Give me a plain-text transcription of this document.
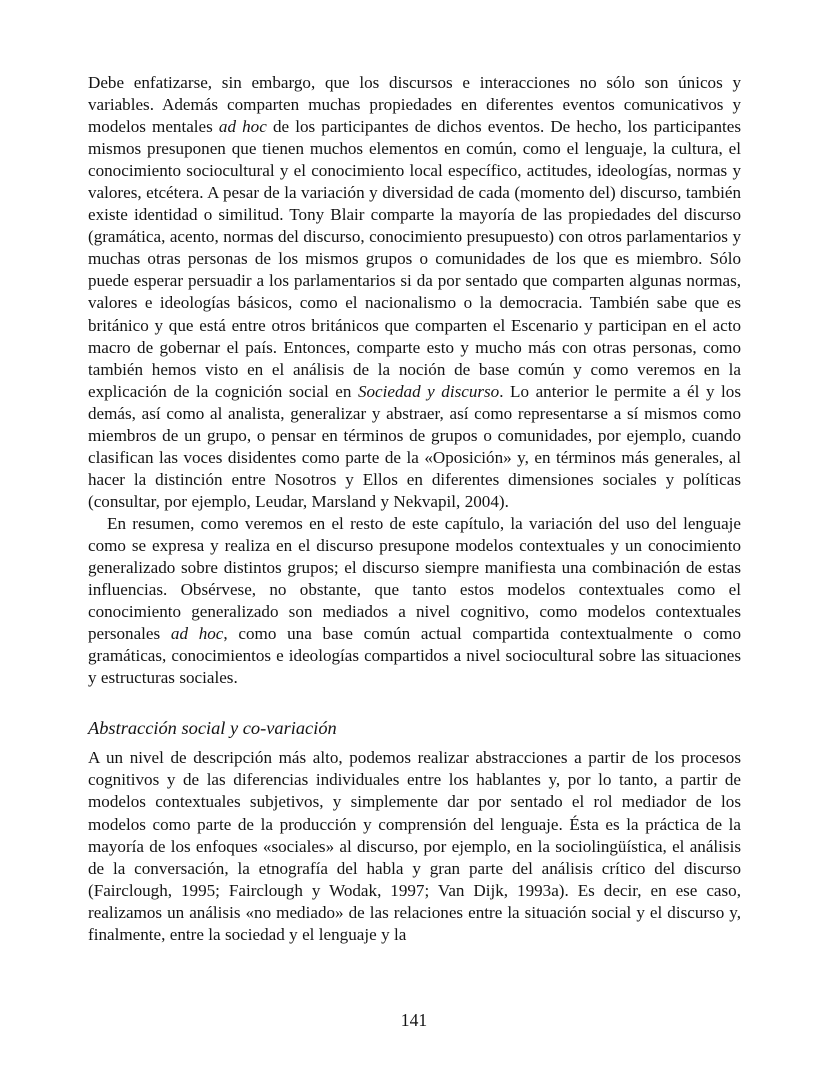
Debe enfatizarse, sin embargo, que los discursos e interacciones no sólo son únicos y variables. Además comparten muchas propiedades en diferentes eventos comunicativos y modelos mentales ad hoc de los participantes de dichos eventos. De hecho, los participantes mismos presuponen que tienen muchos elementos en común, como el lenguaje, la cultura, el conocimiento sociocultural y el conocimiento local específico, actitudes, ideologías, normas y valores, etcétera. A pesar de la variación y diversidad de cada (momento del) discurso, también existe identidad o similitud. Tony Blair comparte la mayoría de las propiedades del discurso (gramática, acento, normas del discurso, conocimiento presupuesto) con otros parlamentarios y muchas otras personas de los mismos grupos o comunidades de los que es miembro. Sólo puede esperar persuadir a los parlamentarios si da por sentado que comparten algunas normas, valores e ideologías básicos, como el nacionalismo o la democracia. También sabe que es británico y que está entre otros británicos que comparten el Escenario y participan en el acto macro de gobernar el país. Entonces, comparte esto y mucho más con otras personas, como también hemos visto en el análisis de la noción de base común y como veremos en la explicación de la cognición social en Sociedad y discurso. Lo anterior le permite a él y los demás, así como al analista, generalizar y abstraer, así como representarse a sí mismos como miembros de un grupo, o pensar en términos de grupos o comunidades, por ejemplo, cuando clasifican las voces disidentes como parte de la «Oposición» y, en términos más generales, al hacer la distinción entre Nosotros y Ellos en diferentes dimensiones sociales y políticas (consultar, por ejemplo, Leudar, Marsland y Nekvapil, 2004).

En resumen, como veremos en el resto de este capítulo, la variación del uso del lenguaje como se expresa y realiza en el discurso presupone modelos contextuales y un conocimiento generalizado sobre distintos grupos; el discurso siempre manifiesta una combinación de estas influencias. Obsérvese, no obstante, que tanto estos modelos contextuales como el conocimiento generalizado son mediados a nivel cognitivo, como modelos contextuales personales ad hoc, como una base común actual compartida contextualmente o como gramáticas, conocimientos e ideologías compartidos a nivel sociocultural sobre las situaciones y estructuras sociales.

Abstracción social y co-variación

A un nivel de descripción más alto, podemos realizar abstracciones a partir de los procesos cognitivos y de las diferencias individuales entre los hablantes y, por lo tanto, a partir de modelos contextuales subjetivos, y simplemente dar por sentado el rol mediador de los modelos como parte de la producción y comprensión del lenguaje. Ésta es la práctica de la mayoría de los enfoques «sociales» al discurso, por ejemplo, en la sociolingüística, el análisis de la conversación, la etnografía del habla y gran parte del análisis crítico del discurso (Fairclough, 1995; Fairclough y Wodak, 1997; Van Dijk, 1993a). Es decir, en ese caso, realizamos un análisis «no mediado» de las relaciones entre la situación social y el discurso y, finalmente, entre la sociedad y el lenguaje y la

141
